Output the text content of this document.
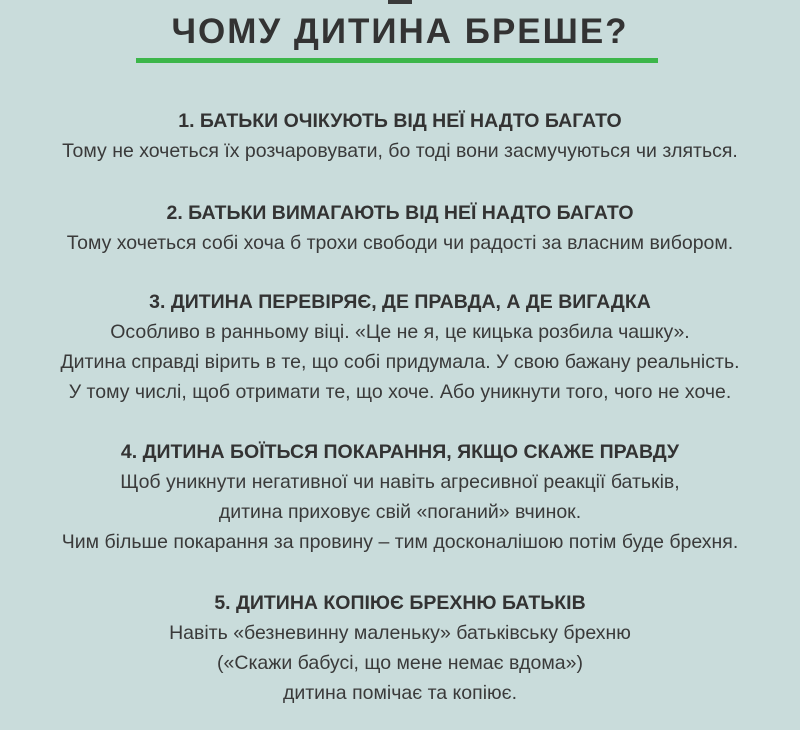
ЧОМУ ДИТИНА БРЕШЕ?
1. БАТЬКИ ОЧІКУЮТЬ ВІД НЕЇ НАДТО БАГАТО
Тому не хочеться їх розчаровувати, бо тоді вони засмучуються чи зляться.
2. БАТЬКИ ВИМАГАЮТЬ ВІД НЕЇ НАДТО БАГАТО
Тому хочеться собі хоча б трохи свободи чи радості за власним вибором.
3. ДИТИНА ПЕРЕВІРЯЄ, ДЕ ПРАВДА, А ДЕ ВИГАДКА
Особливо в ранньому віці. «Це не я, це кицька розбила чашку».
Дитина справді вірить в те, що собі придумала. У свою бажану реальність.
У тому числі, щоб отримати те, що хоче. Або уникнути того, чого не хоче.
4. ДИТИНА БОЇТЬСЯ ПОКАРАННЯ, ЯКЩО СКАЖЕ ПРАВДУ
Щоб уникнути негативної чи навіть агресивної реакції батьків,
дитина приховує свій «поганий» вчинок.
Чим більше покарання за провину – тим досконалішою потім буде брехня.
5. ДИТИНА КОПІЮЄ БРЕХНЮ БАТЬКІВ
Навіть «безневинну маленьку» батьківську брехню
(«Скажи бабусі, що мене немає вдома»)
дитина помічає та копіює.
